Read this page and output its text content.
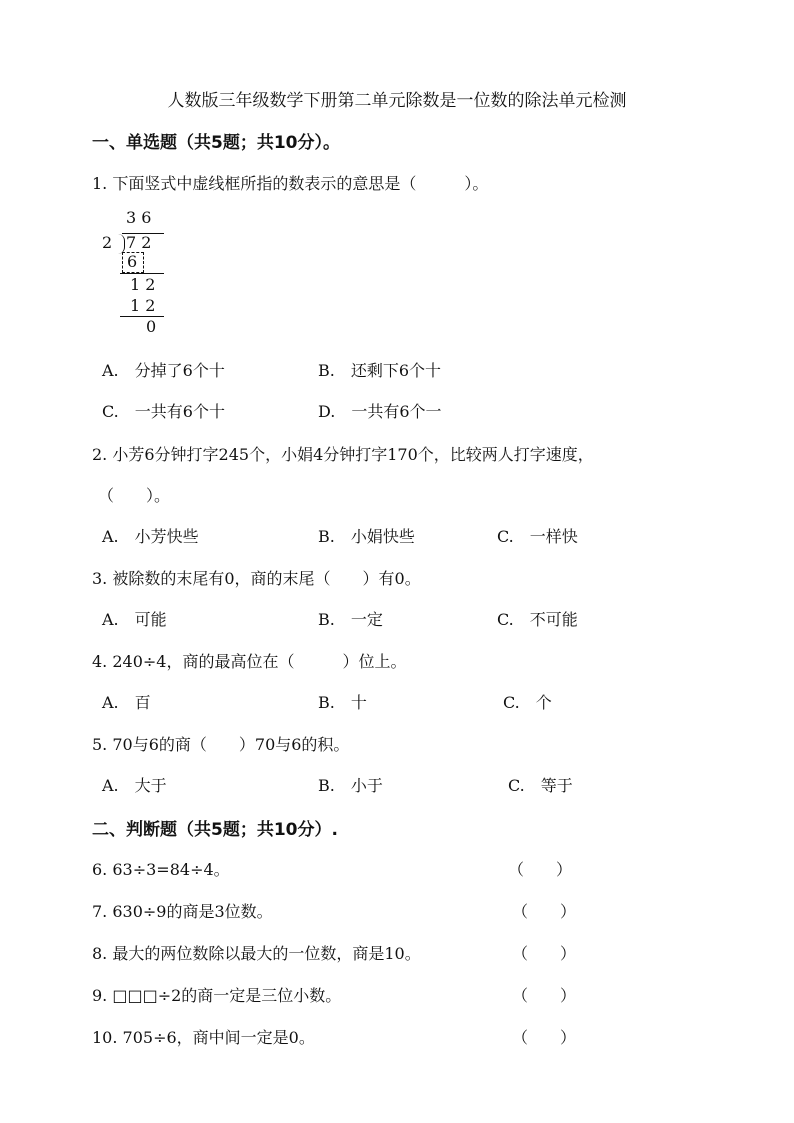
人数版三年级数学下册第二单元除数是一位数的除法单元检测
一、单选题（共5题；共10分）。
1. 下面竖式中虚线框所指的数表示的意思是（　　　）。
3 6
2 7 2
6
1 2
1 2
0
A.　分掉了6个十	B.　还剩下6个十
C.　一共有6个十	D.　一共有6个一
2. 小芳6分钟打字245个，小娟4分钟打字170个，比较两人打字速度，
（　　）。
A.　小芳快些	B.　小娟快些	C.　一样快
3. 被除数的末尾有0，商的末尾（　　）有0。
A.　可能	B.　一定	C.　不可能
4. 240÷4，商的最高位在（　　　）位上。
A.　百	B.　十	C.　个
5. 70与6的商（　　）70与6的积。
A.　大于	B.　小于	C.　等于
二、判断题（共5题；共10分）.
6. 63÷3=84÷4。	（　　）
7. 630÷9的商是3位数。	（　　）
8. 最大的两位数除以最大的一位数，商是10。	（　　）
9. □□□÷2的商一定是三位小数。	（　　）
10. 705÷6，商中间一定是0。	（　　）
